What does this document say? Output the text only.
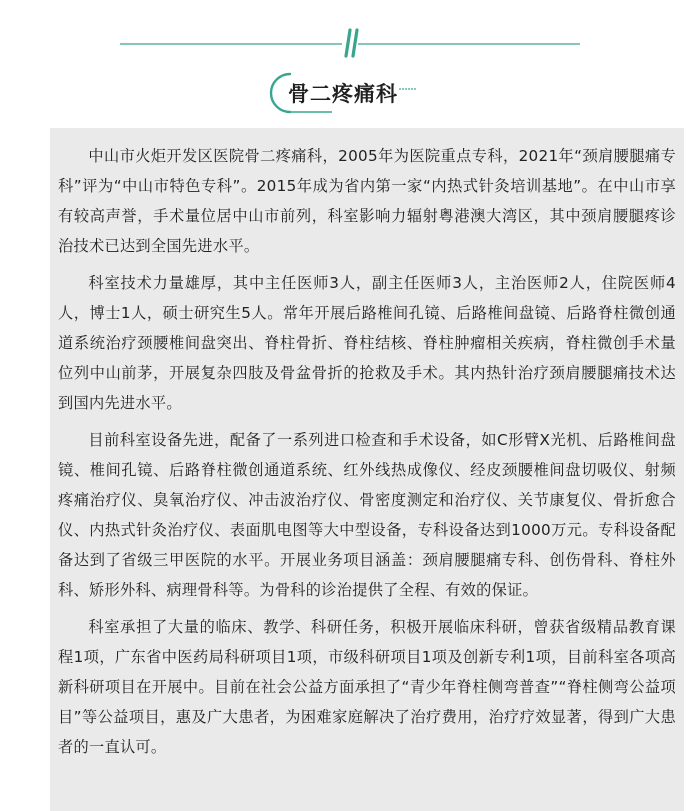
骨二疼痛科

中山市火炬开发区医院骨二疼痛科，2005年为医院重点专科，2021年“颈肩腰腿痛专科”评为“中山市特色专科”。2015年成为省内第一家“内热式针灸培训基地”。在中山市享有较高声誉，手术量位居中山市前列，科室影响力辐射粤港澳大湾区，其中颈肩腰腿疼诊治技术已达到全国先进水平。

科室技术力量雄厚，其中主任医师3人，副主任医师3人，主治医师2人，住院医师4人，博士1人，硕士研究生5人。常年开展后路椎间孔镜、后路椎间盘镜、后路脊柱微创通道系统治疗颈腰椎间盘突出、脊柱骨折、脊柱结核、脊柱肿瘤相关疾病，脊柱微创手术量位列中山前茅，开展复杂四肢及骨盆骨折的抢救及手术。其内热针治疗颈肩腰腿痛技术达到国内先进水平。

目前科室设备先进，配备了一系列进口检查和手术设备，如C形臂X光机、后路椎间盘镜、椎间孔镜、后路脊柱微创通道系统、红外线热成像仪、经皮颈腰椎间盘切吸仪、射频疼痛治疗仪、臭氧治疗仪、冲击波治疗仪、骨密度测定和治疗仪、关节康复仪、骨折愈合仪、内热式针灸治疗仪、表面肌电图等大中型设备，专科设备达到1000万元。专科设备配备达到了省级三甲医院的水平。开展业务项目涵盖：颈肩腰腿痛专科、创伤骨科、脊柱外科、矫形外科、病理骨科等。为骨科的诊治提供了全程、有效的保证。

科室承担了大量的临床、教学、科研任务，积极开展临床科研，曾获省级精品教育课程1项，广东省中医药局科研项目1项，市级科研项目1项及创新专利1项，目前科室各项高新科研项目在开展中。目前在社会公益方面承担了“青少年脊柱侧弯普查”“脊柱侧弯公益项目”等公益项目，惠及广大患者，为困难家庭解决了治疗费用，治疗疗效显著，得到广大患者的一直认可。
